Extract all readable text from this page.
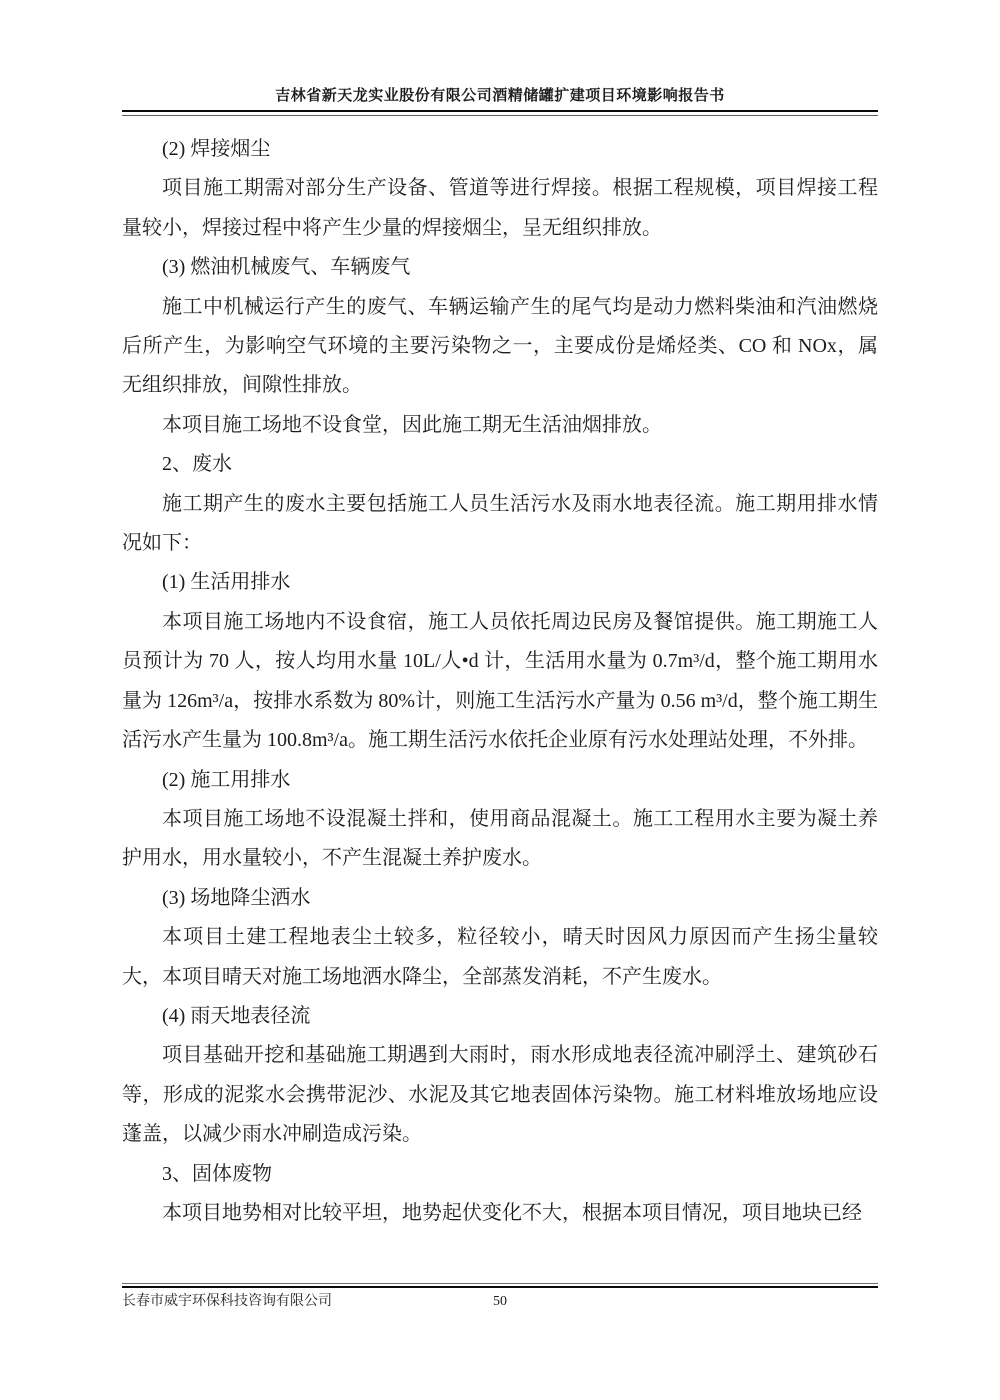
吉林省新天龙实业股份有限公司酒精储罐扩建项目环境影响报告书

(2) 焊接烟尘

项目施工期需对部分生产设备、管道等进行焊接。根据工程规模，项目焊接工程量较小，焊接过程中将产生少量的焊接烟尘，呈无组织排放。

(3) 燃油机械废气、车辆废气

施工中机械运行产生的废气、车辆运输产生的尾气均是动力燃料柴油和汽油燃烧后所产生，为影响空气环境的主要污染物之一，主要成份是烯烃类、CO 和 NOx，属无组织排放，间隙性排放。

本项目施工场地不设食堂，因此施工期无生活油烟排放。

2、废水

施工期产生的废水主要包括施工人员生活污水及雨水地表径流。施工期用排水情况如下：

(1) 生活用排水

本项目施工场地内不设食宿，施工人员依托周边民房及餐馆提供。施工期施工人员预计为 70 人，按人均用水量 10L/人•d 计，生活用水量为 0.7m³/d，整个施工期用水量为 126m³/a，按排水系数为 80%计，则施工生活污水产量为 0.56 m³/d，整个施工期生活污水产生量为 100.8m³/a。施工期生活污水依托企业原有污水处理站处理，不外排。

(2) 施工用排水

本项目施工场地不设混凝土拌和，使用商品混凝土。施工工程用水主要为凝土养护用水，用水量较小，不产生混凝土养护废水。

(3) 场地降尘洒水

本项目土建工程地表尘土较多，粒径较小，晴天时因风力原因而产生扬尘量较大，本项目晴天对施工场地洒水降尘，全部蒸发消耗，不产生废水。

(4) 雨天地表径流

项目基础开挖和基础施工期遇到大雨时，雨水形成地表径流冲刷浮土、建筑砂石等，形成的泥浆水会携带泥沙、水泥及其它地表固体污染物。施工材料堆放场地应设蓬盖，以减少雨水冲刷造成污染。

3、固体废物

本项目地势相对比较平坦，地势起伏变化不大，根据本项目情况，项目地块已经

长春市威宇环保科技咨询有限公司	50
